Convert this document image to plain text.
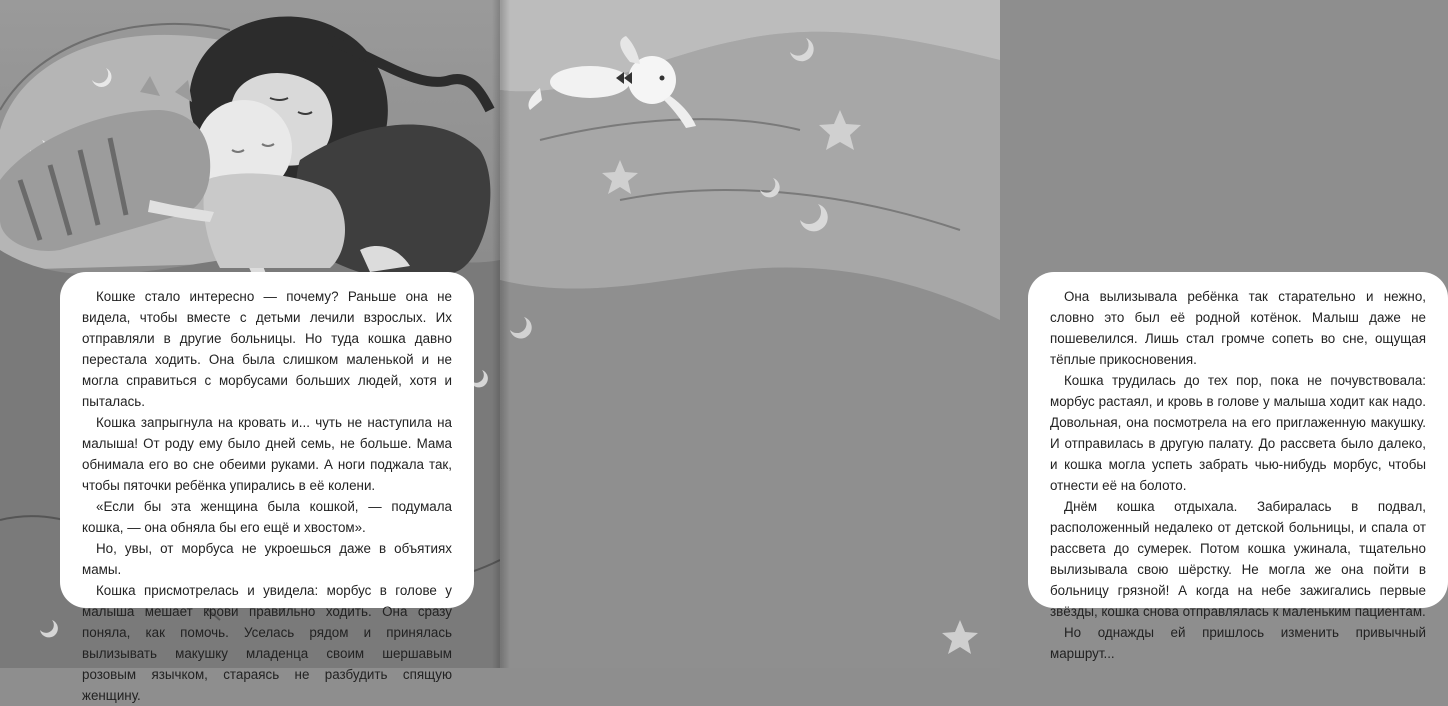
Кошке стало интересно — почему? Раньше она не видела, чтобы вместе с детьми лечили взрослых. Их отправляли в другие больницы. Но туда кошка давно перестала ходить. Она была слишком маленькой и не могла справиться с морбусами больших людей, хотя и пыталась.

Кошка запрыгнула на кровать и... чуть не наступила на малыша! От роду ему было дней семь, не больше. Мама обнимала его во сне обеими руками. А ноги поджала так, чтобы пяточки ребёнка упирались в её колени.

«Если бы эта женщина была кошкой, — подумала кошка, — она обняла бы его ещё и хвостом».

Но, увы, от морбуса не укроешься даже в объятиях мамы.

Кошка присмотрелась и увидела: морбус в голове у малыша мешает крови правильно ходить. Она сразу поняла, как помочь. Уселась рядом и принялась вылизывать макушку младенца своим шершавым розовым язычком, стараясь не разбудить спящую женщину.

Она вылизывала ребёнка так старательно и нежно, словно это был её родной котёнок. Малыш даже не пошевелился. Лишь стал громче сопеть во сне, ощущая тёплые прикосновения.

Кошка трудилась до тех пор, пока не почувствовала: морбус растаял, и кровь в голове у малыша ходит как надо. Довольная, она посмотрела на его приглаженную макушку. И отправилась в другую палату. До рассвета было далеко, и кошка могла успеть забрать чью-нибудь морбус, чтобы отнести её на болото.

Днём кошка отдыхала. Забиралась в подвал, расположенный недалеко от детской больницы, и спала от рассвета до сумерек. Потом кошка ужинала, тщательно вылизывала свою шёрстку. Не могла же она пойти в больницу грязной! А когда на небе зажигались первые звёзды, кошка снова отправлялась к маленьким пациентам.

Но однажды ей пришлось изменить привычный маршрут...
